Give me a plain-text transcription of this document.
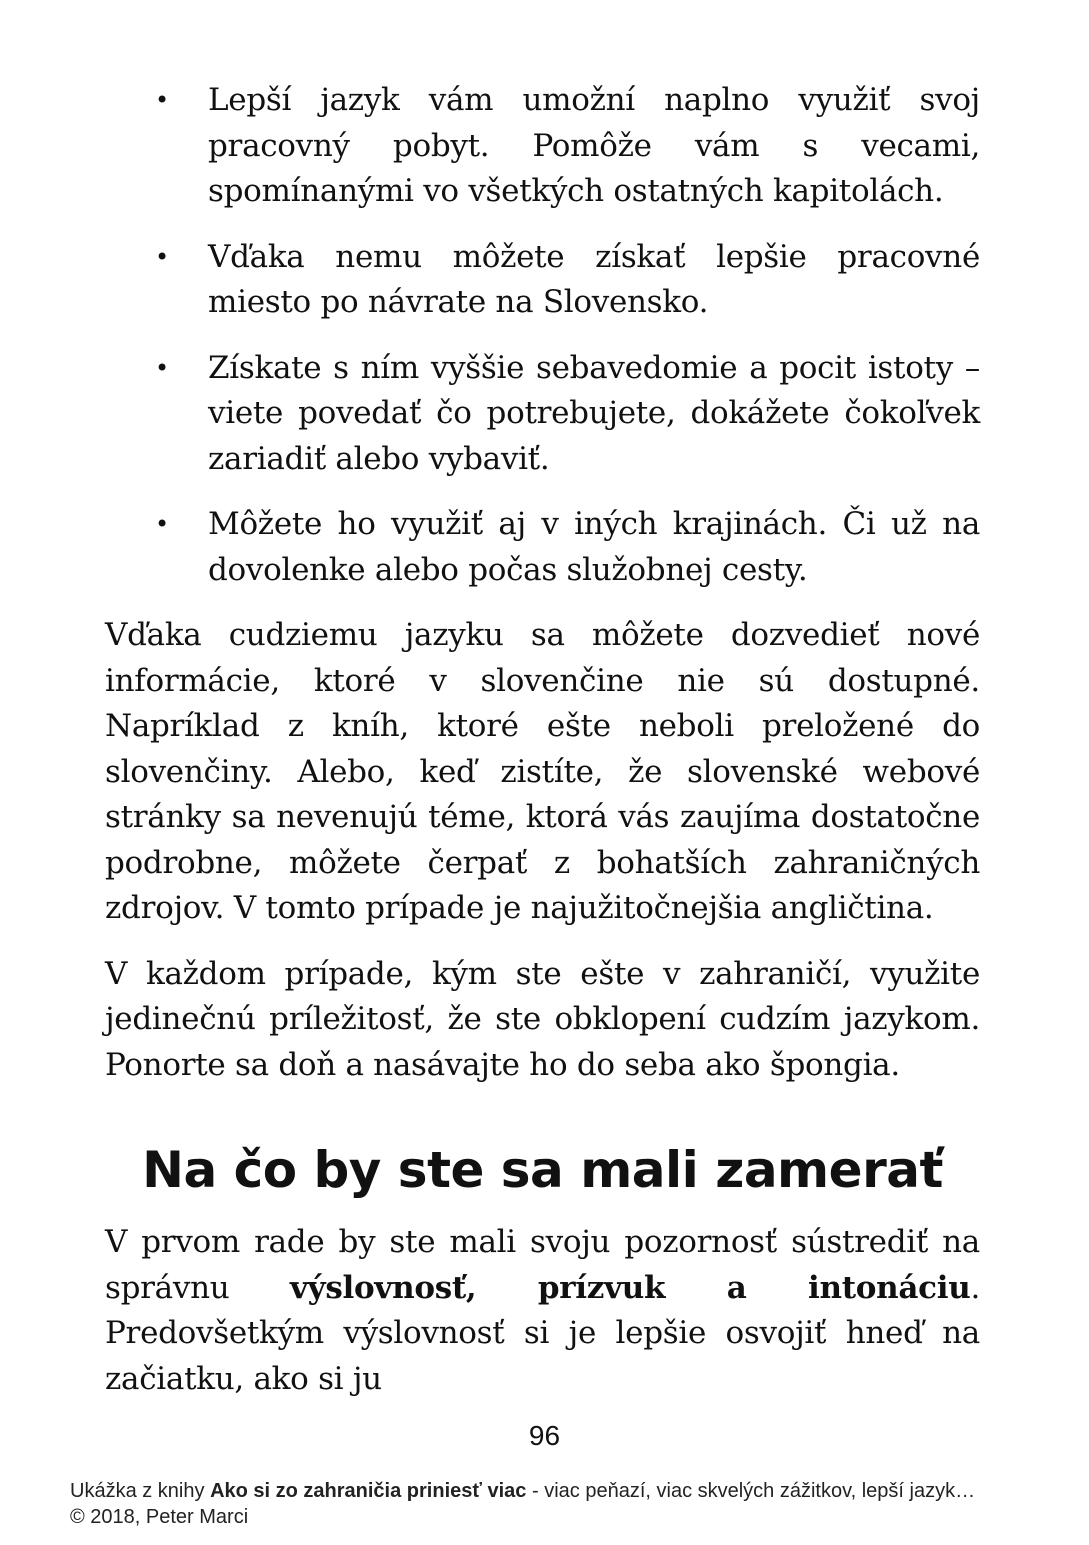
• Lepší jazyk vám umožní naplno využiť svoj pracovný pobyt. Pomôže vám s vecami, spomínanými vo všetkých ostatných kapitolách.
• Vďaka nemu môžete získať lepšie pracovné miesto po návrate na Slovensko.
• Získate s ním vyššie sebavedomie a pocit istoty – viete povedať čo potrebujete, dokážete čokoľvek zariadiť alebo vybaviť.
• Môžete ho využiť aj v iných krajinách. Či už na dovolenke alebo počas služobnej cesty.

Vďaka cudziemu jazyku sa môžete dozvedieť nové informácie, ktoré v slovenčine nie sú dostupné. Napríklad z kníh, ktoré ešte neboli preložené do slovenčiny. Alebo, keď zistíte, že slovenské webové stránky sa nevenujú téme, ktorá vás zaujíma dostatočne podrobne, môžete čerpať z bohatších zahraničných zdrojov. V tomto prípade je najužitočnejšia angličtina.

V každom prípade, kým ste ešte v zahraničí, využite jedinečnú príležitosť, že ste obklopení cudzím jazykom. Ponorte sa doň a nasávajte ho do seba ako špongia.

Na čo by ste sa mali zamerať

V prvom rade by ste mali svoju pozornosť sústrediť na správnu výslovnosť, prízvuk a intonáciu. Predovšetkým výslovnosť si je lepšie osvojiť hneď na začiatku, ako si ju

96
Ukážka z knihy Ako si zo zahraničia priniesť viac - viac peňazí, viac skvelých zážitkov, lepší jazyk…
© 2018, Peter Marci
